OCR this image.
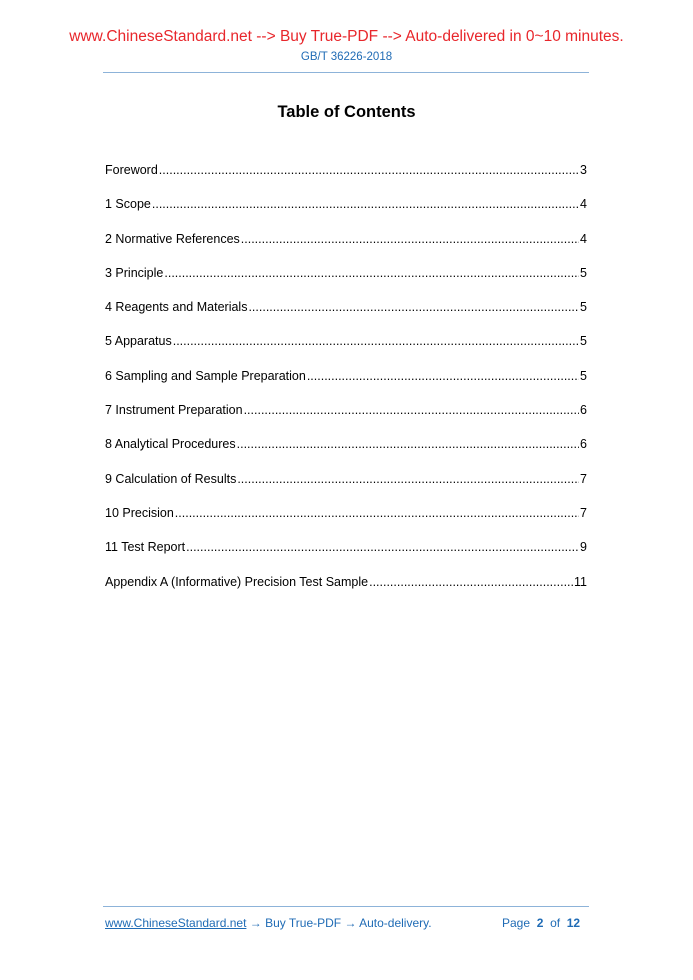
www.ChineseStandard.net --> Buy True-PDF --> Auto-delivered in 0~10 minutes.
GB/T 36226-2018
Table of Contents
Foreword .....	3
1 Scope .....	4
2 Normative References .....	4
3 Principle .....	5
4 Reagents and Materials .....	5
5 Apparatus .....	5
6 Sampling and Sample Preparation .....	5
7 Instrument Preparation .....	6
8 Analytical Procedures .....	6
9 Calculation of Results .....	7
10 Precision .....	7
11 Test Report .....	9
Appendix A (Informative) Precision Test Sample .....	11
www.ChineseStandard.net → Buy True-PDF → Auto-delivery.	Page 2 of 12
